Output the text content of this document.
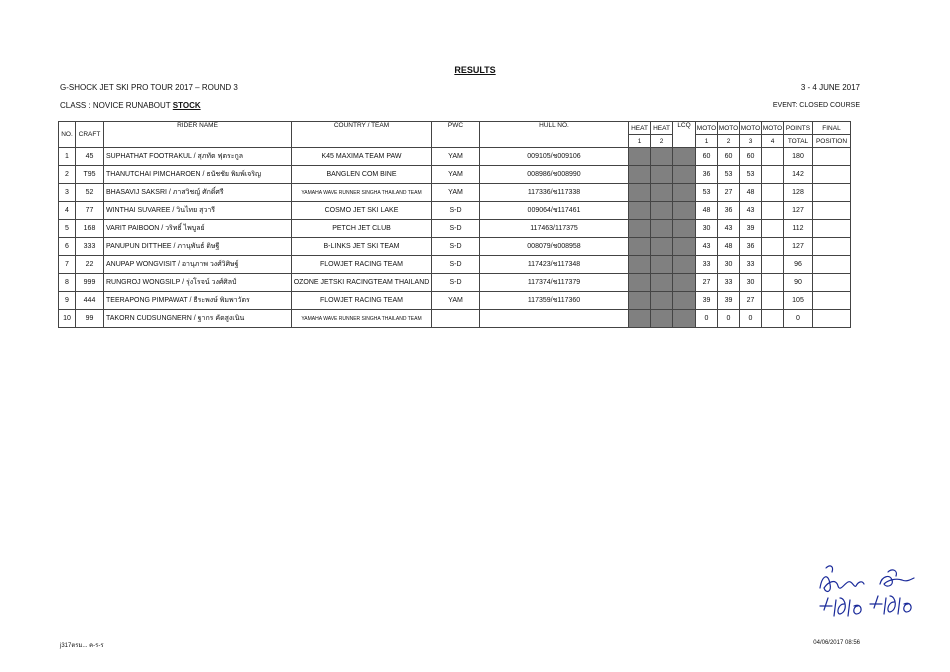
RESULTS
G-SHOCK JET SKI PRO TOUR 2017 – ROUND 3	3 - 4 JUNE 2017
CLASS : NOVICE RUNABOUT STOCK	EVENT: CLOSED COURSE
NO.	CRAFT	RIDER NAME	COUNTRY / TEAM	PWC	HULL NO.	HEAT	HEAT	LCQ	MOTO	MOTO	MOTO	MOTO	POINTS	FINAL
						1	2		1	2	3	4	TOTAL	POSITION
1	45	SUPHATHAT FOOTRAKUL / สุภทัต ฟุตระกูล	K45 MAXIMA TEAM PAW	YAM	009105/ช009106				60	60	60		180	
2	T95	THANUTCHAI PIMCHAROEN / ธนัชชัย พิมพ์เจริญ	BANGLEN COM BINE	YAM	008986/ช008990				36	53	53		142	
3	52	BHASAVIJ SAKSRI / ภาสวิชญ์ ศักดิ์ศรี	YAMAHA WAVE RUNNER SINGHA THAILAND TEAM	YAM	117336/ช117338				53	27	48		128	
4	77	WINTHAI SUVAREE / วินไทย สุวารี	COSMO JET SKI LAKE	S-D	009064/ช117461				48	36	43		127	
5	168	VARIT PAIBOON / วริทธิ์ ไพบูลย์	PETCH JET CLUB	S-D	117463/117375				30	43	39		112	
6	333	PANUPUN DITTHEE / ภานุพันธ์ ดิษฐี	B-LINKS JET SKI TEAM	S-D	008079/ช008958				43	48	36		127	
7	22	ANUPAP WONGVISIT / อานุภาพ วงศ์วิศิษฐ์	FLOWJET RACING TEAM	S-D	117423/ช117348				33	30	33		96	
8	999	RUNGROJ WONGSILP / รุ่งโรจน์ วงศ์ศิลป์	OZONE JETSKI RACINGTEAM THAILAND	S-D	117374/ช117379				27	33	30		90	
9	444	TEERAPONG PIMPAWAT / ธีระพงษ์ พิมพาวัตร	FLOWJET RACING TEAM	YAM	117359/ช117360				39	39	27		105	
10	99	TAKORN CUDSUNGNERN / ฐากร คัดสูงเนิน	YAMAHA WAVE RUNNER SINGHA THAILAND TEAM						0	0	0		0	
j317ตรม... ค-ร-ร	04/06/2017 08:56
